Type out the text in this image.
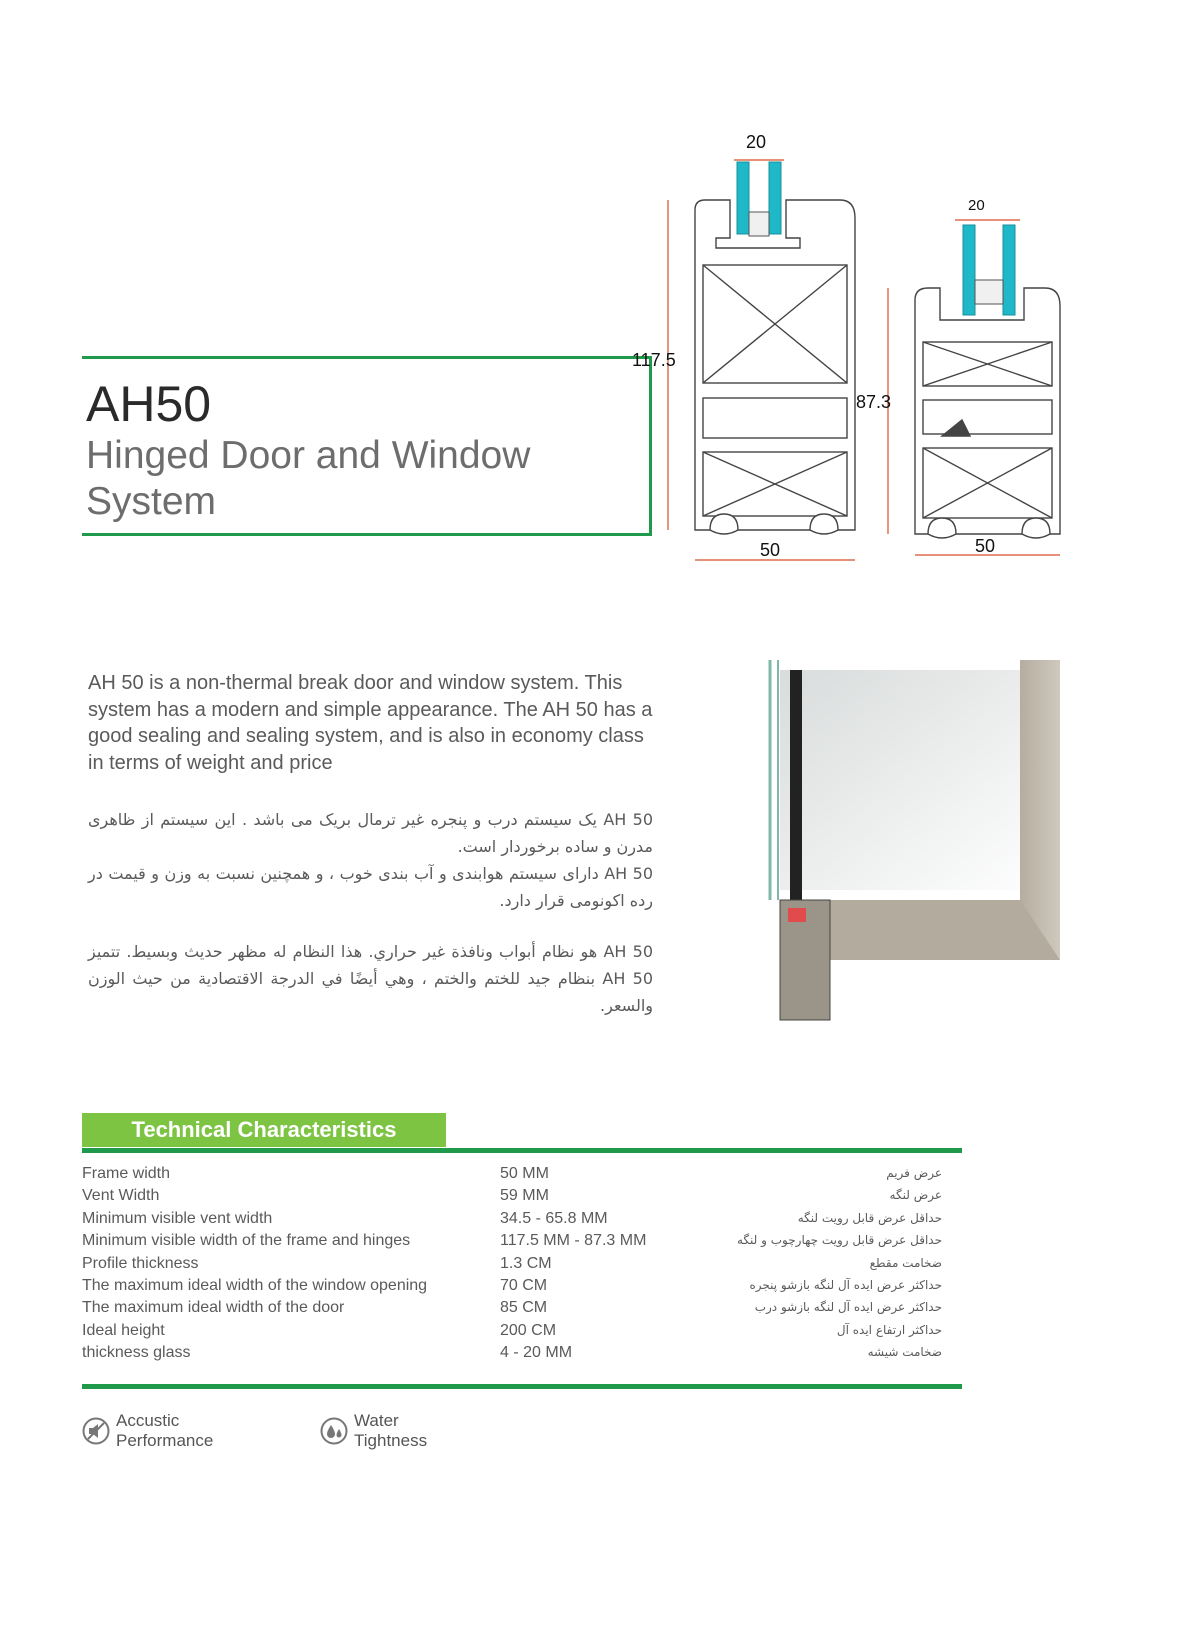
AH50
Hinged Door and Window System
20
20
117.5
87.3
50	50
AH 50 is a non-thermal break door and window system. This system has a modern and simple appearance. The AH 50 has a good sealing and sealing system, and is also in economy class in terms of weight and price

AH 50 یک سیستم درب و پنجره غیر ترمال بریک می باشد . این سیستم از ظاهری مدرن و ساده برخوردار است.

AH 50 دارای سیستم هوابندی و آب بندی خوب ، و همچنین نسبت به وزن و قیمت در رده اکونومی قرار دارد.

AH 50 هو نظام أبواب ونافذة غير حراري. هذا النظام له مظهر حديث وبسيط. تتميز AH 50 بنظام جيد للختم والختم ، وهي أيضًا في الدرجة الاقتصادية من حيث الوزن والسعر.
Technical Characteristics
Frame width	50 MM	عرض فریم
Vent Width	59 MM	عرض لنگه
Minimum visible vent width	34.5 - 65.8 MM	حداقل عرض قابل رویت لنگه
Minimum visible width of the frame and hinges	117.5 MM - 87.3 MM	حداقل عرض قابل رویت چهارچوب و لنگه
Profile thickness	1.3 CM	ضخامت مقطع
The maximum ideal width of the window opening	70 CM	حداکثر عرض ایده آل لنگه بازشو پنجره
The maximum ideal width of the door	85 CM	حداکثر عرض ایده آل لنگه بازشو درب
Ideal height	200 CM	حداکثر ارتفاع ایده آل
thickness glass	4 - 20 MM	ضخامت شیشه
Accustic Performance
Water Tightness
